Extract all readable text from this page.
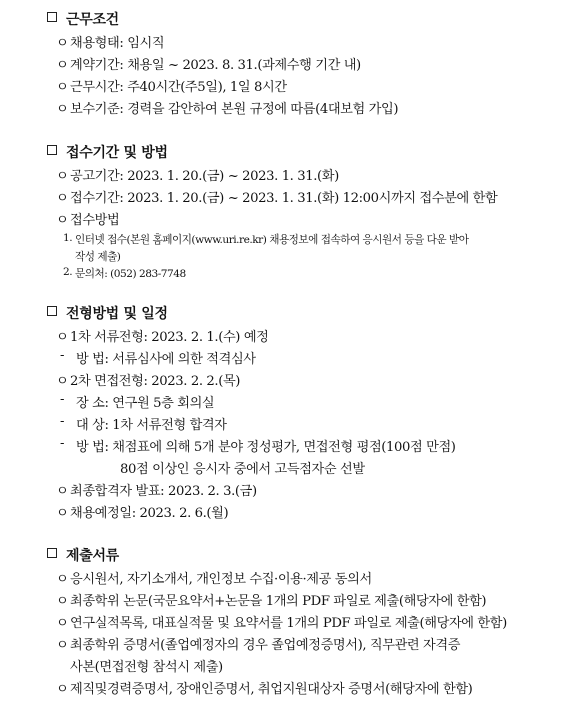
근무조건
ㅇ 채용형태: 임시직
ㅇ 계약기간: 채용일 ~ 2023. 8. 31.(과제수행 기간 내)
ㅇ 근무시간: 주40시간(주5일), 1일 8시간
ㅇ 보수기준: 경력을 감안하여 본원 규정에 따름(4대보험 가입)
접수기간 및 방법
ㅇ 공고기간: 2023. 1. 20.(금) ~ 2023. 1. 31.(화)
ㅇ 접수기간: 2023. 1. 20.(금) ~ 2023. 1. 31.(화) 12:00시까지 접수분에 한함
ㅇ 접수방법
1. 인터넷 접수(본원 홈페이지(www.uri.re.kr) 채용정보에 접속하여 응시원서 등을 다운 받아
작성 제출)
2. 문의처: (052) 283-7748
전형방법 및 일정
ㅇ 1차 서류전형: 2023. 2. 1.(수) 예정
- 방 법: 서류심사에 의한 적격심사
ㅇ 2차 면접전형: 2023. 2. 2.(목)
- 장 소: 연구원 5층 회의실
- 대 상: 1차 서류전형 합격자
- 방 법: 채점표에 의해 5개 분야 정성평가, 면접전형 평점(100점 만점)
80점 이상인 응시자 중에서 고득점자순 선발
ㅇ 최종합격자 발표: 2023. 2. 3.(금)
ㅇ 채용예정일: 2023. 2. 6.(월)
제출서류
ㅇ 응시원서, 자기소개서, 개인정보 수집·이용·제공 동의서
ㅇ 최종학위 논문(국문요약서+논문을 1개의 PDF 파일로 제출(해당자에 한함)
ㅇ 연구실적목록, 대표실적물 및 요약서를 1개의 PDF 파일로 제출(해당자에 한함)
ㅇ 최종학위 증명서(졸업예정자의 경우 졸업예정증명서), 직무관련 자격증
사본(면접전형 참석시 제출)
ㅇ 제직및경력증명서, 장애인증명서, 취업지원대상자 증명서(해당자에 한함)
